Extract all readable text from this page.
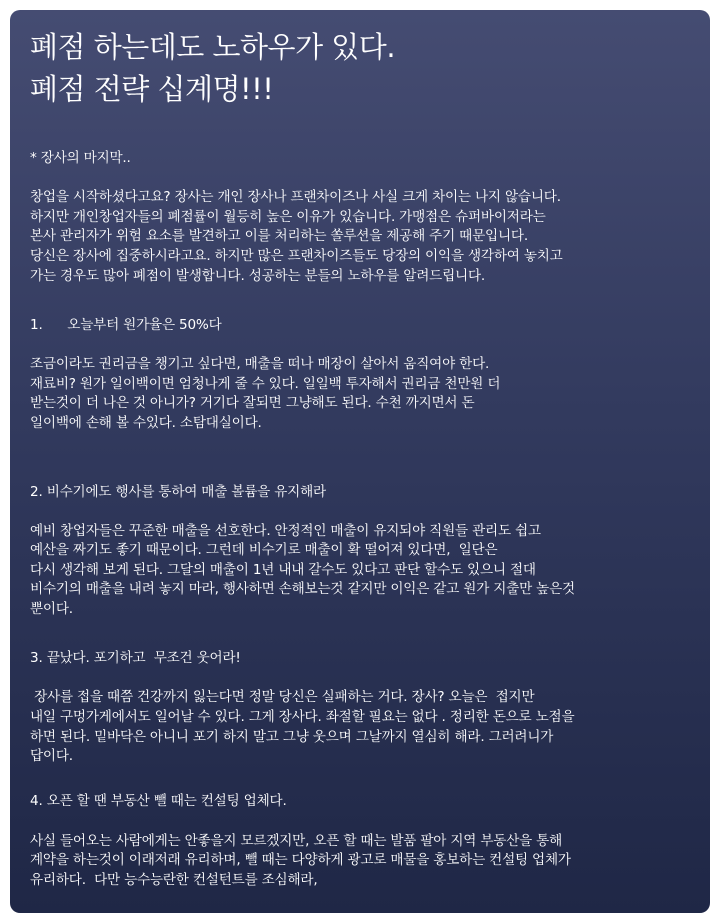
폐점 하는데도 노하우가 있다.
폐점 전략 십계명!!!
* 장사의 마지막..
창업을 시작하셨다고요? 장사는 개인 장사나 프랜차이즈나 사실 크게 차이는 나지 않습니다.
하지만 개인창업자들의 폐점률이 월등히 높은 이유가 있습니다. 가맹점은 슈퍼바이저라는
본사 관리자가 위험 요소를 발견하고 이를 처리하는 쏠루션을 제공해 주기 때문입니다.
당신은 장사에 집중하시라고요. 하지만 많은 프랜차이즈들도 당장의 이익을 생각하여 놓치고
가는 경우도 많아 폐점이 발생합니다. 성공하는 분들의 노하우를 알려드립니다.
1.      오늘부터 원가율은 50%다
조금이라도 권리금을 챙기고 싶다면, 매출을 떠나 매장이 살아서 움직여야 한다.
재료비? 원가 일이백이면 엄청나게 줄 수 있다. 일일백 투자해서 권리금 천만원 더
받는것이 더 나은 것 아니가? 거기다 잘되면 그냥해도 된다. 수천 까지면서 돈
일이백에 손해 볼 수있다. 소탐대실이다.
2. 비수기에도 행사를 통하여 매출 볼륨을 유지해라
예비 창업자들은 꾸준한 매출을 선호한다. 안정적인 매출이 유지되야 직원들 관리도 쉽고
예산을 짜기도 좋기 때문이다. 그런데 비수기로 매출이 확 떨어져 있다면,  일단은
다시 생각해 보게 된다. 그달의 매출이 1년 내내 갈수도 있다고 판단 할수도 있으니 절대
비수기의 매출을 내려 놓지 마라, 행사하면 손해보는것 같지만 이익은 같고 원가 지출만 높은것
뿐이다.
3. 끝났다. 포기하고  무조건 웃어라!
장사를 접을 때쯤 건강까지 잃는다면 정말 당신은 실패하는 거다. 장사? 오늘은  접지만
내일 구멍가게에서도 일어날 수 있다. 그게 장사다. 좌절할 필요는 없다 . 정리한 돈으로 노점을
하면 된다. 밑바닥은 아니니 포기 하지 말고 그냥 웃으며 그날까지 열심히 해라. 그러려니가
답이다.
4. 오픈 할 땐 부동산 뺄 때는 컨설팅 업체다.
사실 들어오는 사람에게는 안좋을지 모르겠지만, 오픈 할 때는 발품 팔아 지역 부동산을 통해
계약을 하는것이 이래저래 유리하며, 뺄 때는 다양하게 광고로 매물을 홍보하는 컨설팅 업체가
유리하다.  다만 능수능란한 컨설턴트를 조심해라,
